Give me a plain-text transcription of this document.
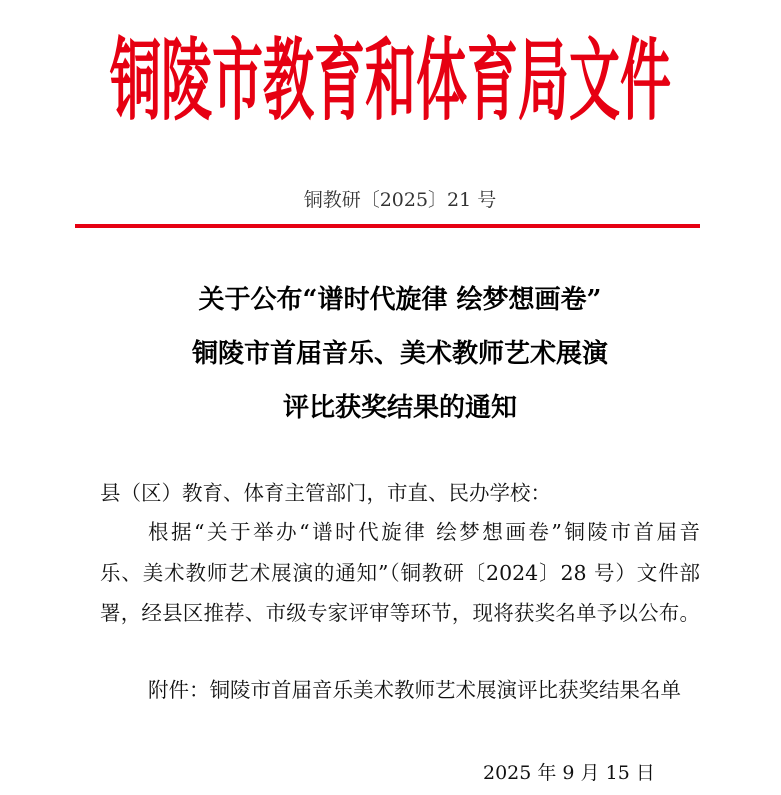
铜陵市教育和体育局文件
铜教研〔2025〕21 号
关于公布“谱时代旋律 绘梦想画卷”
铜陵市首届音乐、美术教师艺术展演
评比获奖结果的通知
县（区）教育、体育主管部门，市直、民办学校：
根据“关于举办“谱时代旋律 绘梦想画卷”铜陵市首届音
乐、美术教师艺术展演的通知”（铜教研〔2024〕28 号）文件部
署，经县区推荐、市级专家评审等环节，现将获奖名单予以公布。
附件：铜陵市首届音乐美术教师艺术展演评比获奖结果名单
2025 年 9 月 15 日
